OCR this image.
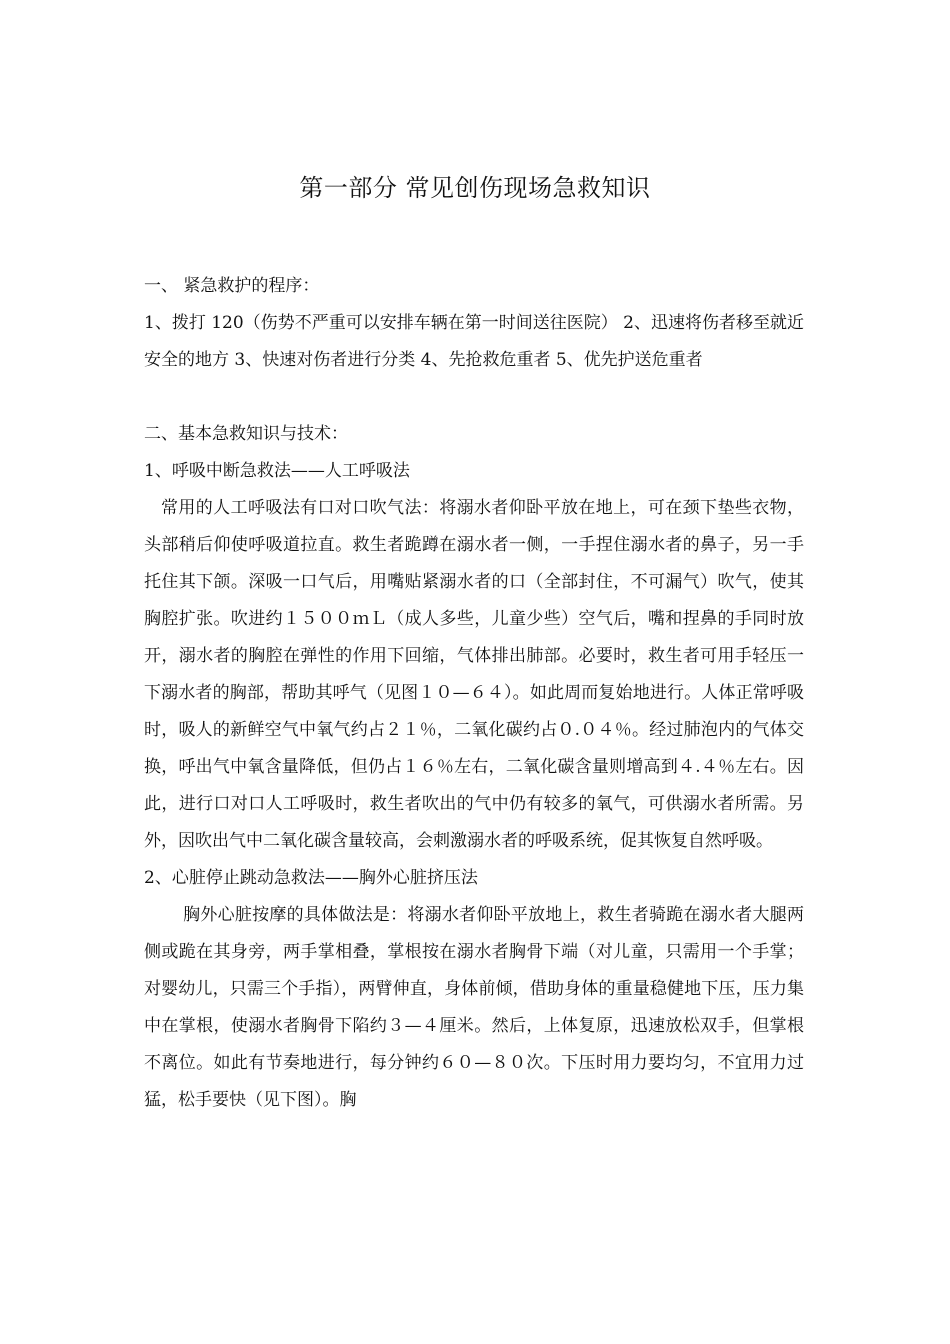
第一部分 常见创伤现场急救知识

一、 紧急救护的程序：

1、拨打 120（伤势不严重可以安排车辆在第一时间送往医院） 2、迅速将伤者移至就近安全的地方 3、快速对伤者进行分类 4、先抢救危重者 5、优先护送危重者

二、基本急救知识与技术：

1、呼吸中断急救法——人工呼吸法

常用的人工呼吸法有口对口吹气法：将溺水者仰卧平放在地上，可在颈下垫些衣物，头部稍后仰使呼吸道拉直。救生者跪蹲在溺水者一侧，一手捏住溺水者的鼻子，另一手托住其下颌。深吸一口气后，用嘴贴紧溺水者的口（全部封住，不可漏气）吹气，使其胸腔扩张。吹进约１５００ｍＬ（成人多些，儿童少些）空气后，嘴和捏鼻的手同时放开，溺水者的胸腔在弹性的作用下回缩，气体排出肺部。必要时，救生者可用手轻压一下溺水者的胸部，帮助其呼气（见图１０—６４）。如此周而复始地进行。人体正常呼吸时，吸人的新鲜空气中氧气约占２１％，二氧化碳约占０.０４％。经过肺泡内的气体交换，呼出气中氧含量降低，但仍占１６％左右，二氧化碳含量则增高到４.４％左右。因此，进行口对口人工呼吸时，救生者吹出的气中仍有较多的氧气，可供溺水者所需。另外，因吹出气中二氧化碳含量较高，会刺激溺水者的呼吸系统，促其恢复自然呼吸。

2、心脏停止跳动急救法——胸外心脏挤压法

胸外心脏按摩的具体做法是：将溺水者仰卧平放地上，救生者骑跪在溺水者大腿两侧或跪在其身旁，两手掌相叠，掌根按在溺水者胸骨下端（对儿童，只需用一个手掌；对婴幼儿，只需三个手指），两臂伸直，身体前倾，借助身体的重量稳健地下压，压力集中在掌根，使溺水者胸骨下陷约３—４厘米。然后，上体复原，迅速放松双手，但掌根不离位。如此有节奏地进行，每分钟约６０—８０次。下压时用力要均匀，不宜用力过猛，松手要快（见下图）。胸
